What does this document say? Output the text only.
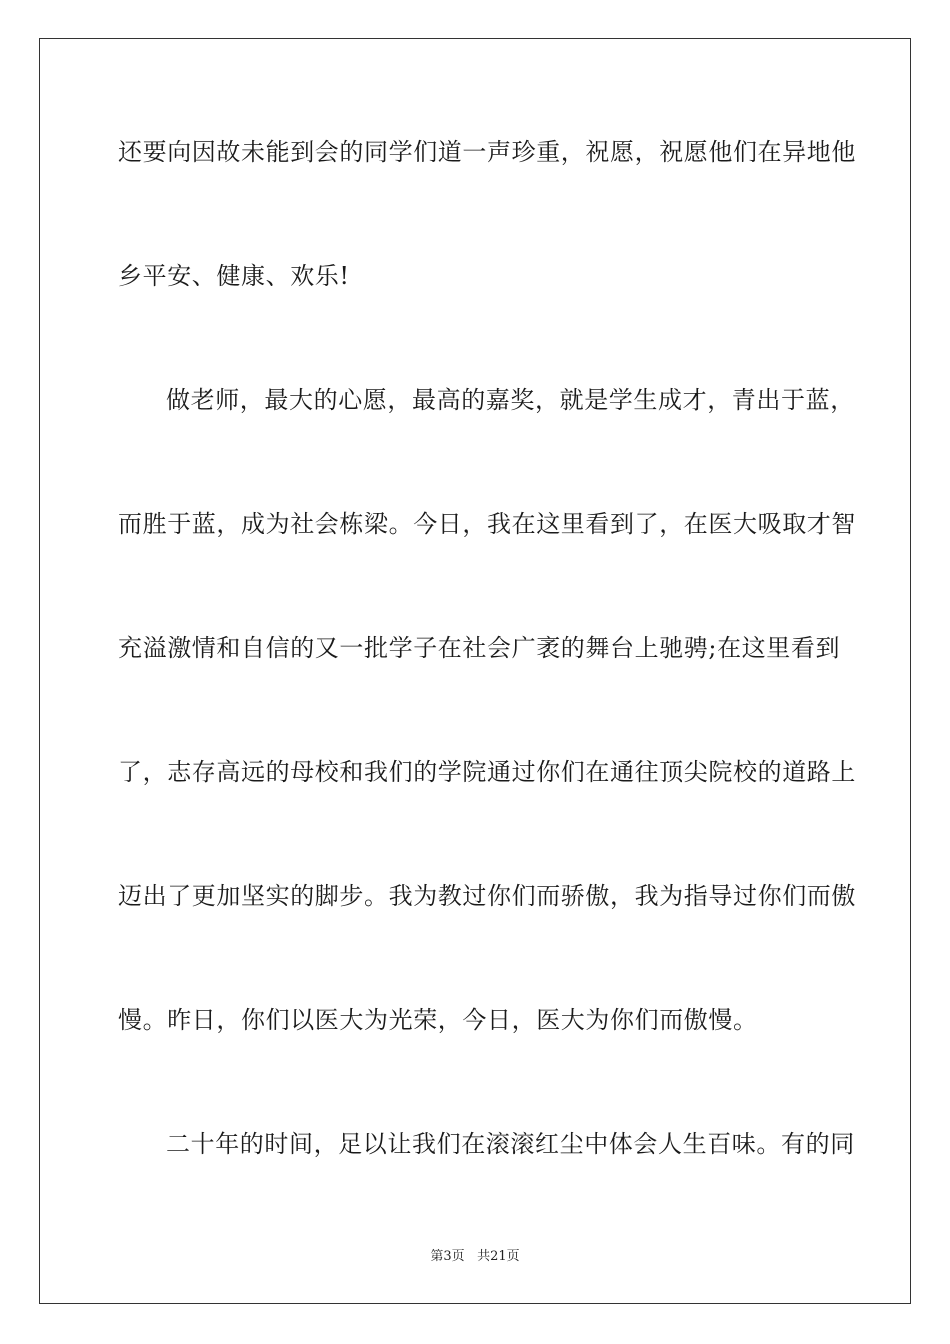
还要向因故未能到会的同学们道一声珍重，祝愿，祝愿他们在异地他
乡平安、健康、欢乐!
做老师，最大的心愿，最高的嘉奖，就是学生成才，青出于蓝，
而胜于蓝，成为社会栋梁。今日，我在这里看到了，在医大吸取才智
充溢激情和自信的又一批学子在社会广袤的舞台上驰骋;在这里看到
了，志存高远的母校和我们的学院通过你们在通往顶尖院校的道路上
迈出了更加坚实的脚步。我为教过你们而骄傲，我为指导过你们而傲
慢。昨日，你们以医大为光荣，今日，医大为你们而傲慢。
二十年的时间，足以让我们在滚滚红尘中体会人生百味。有的同
第3页 共21页
